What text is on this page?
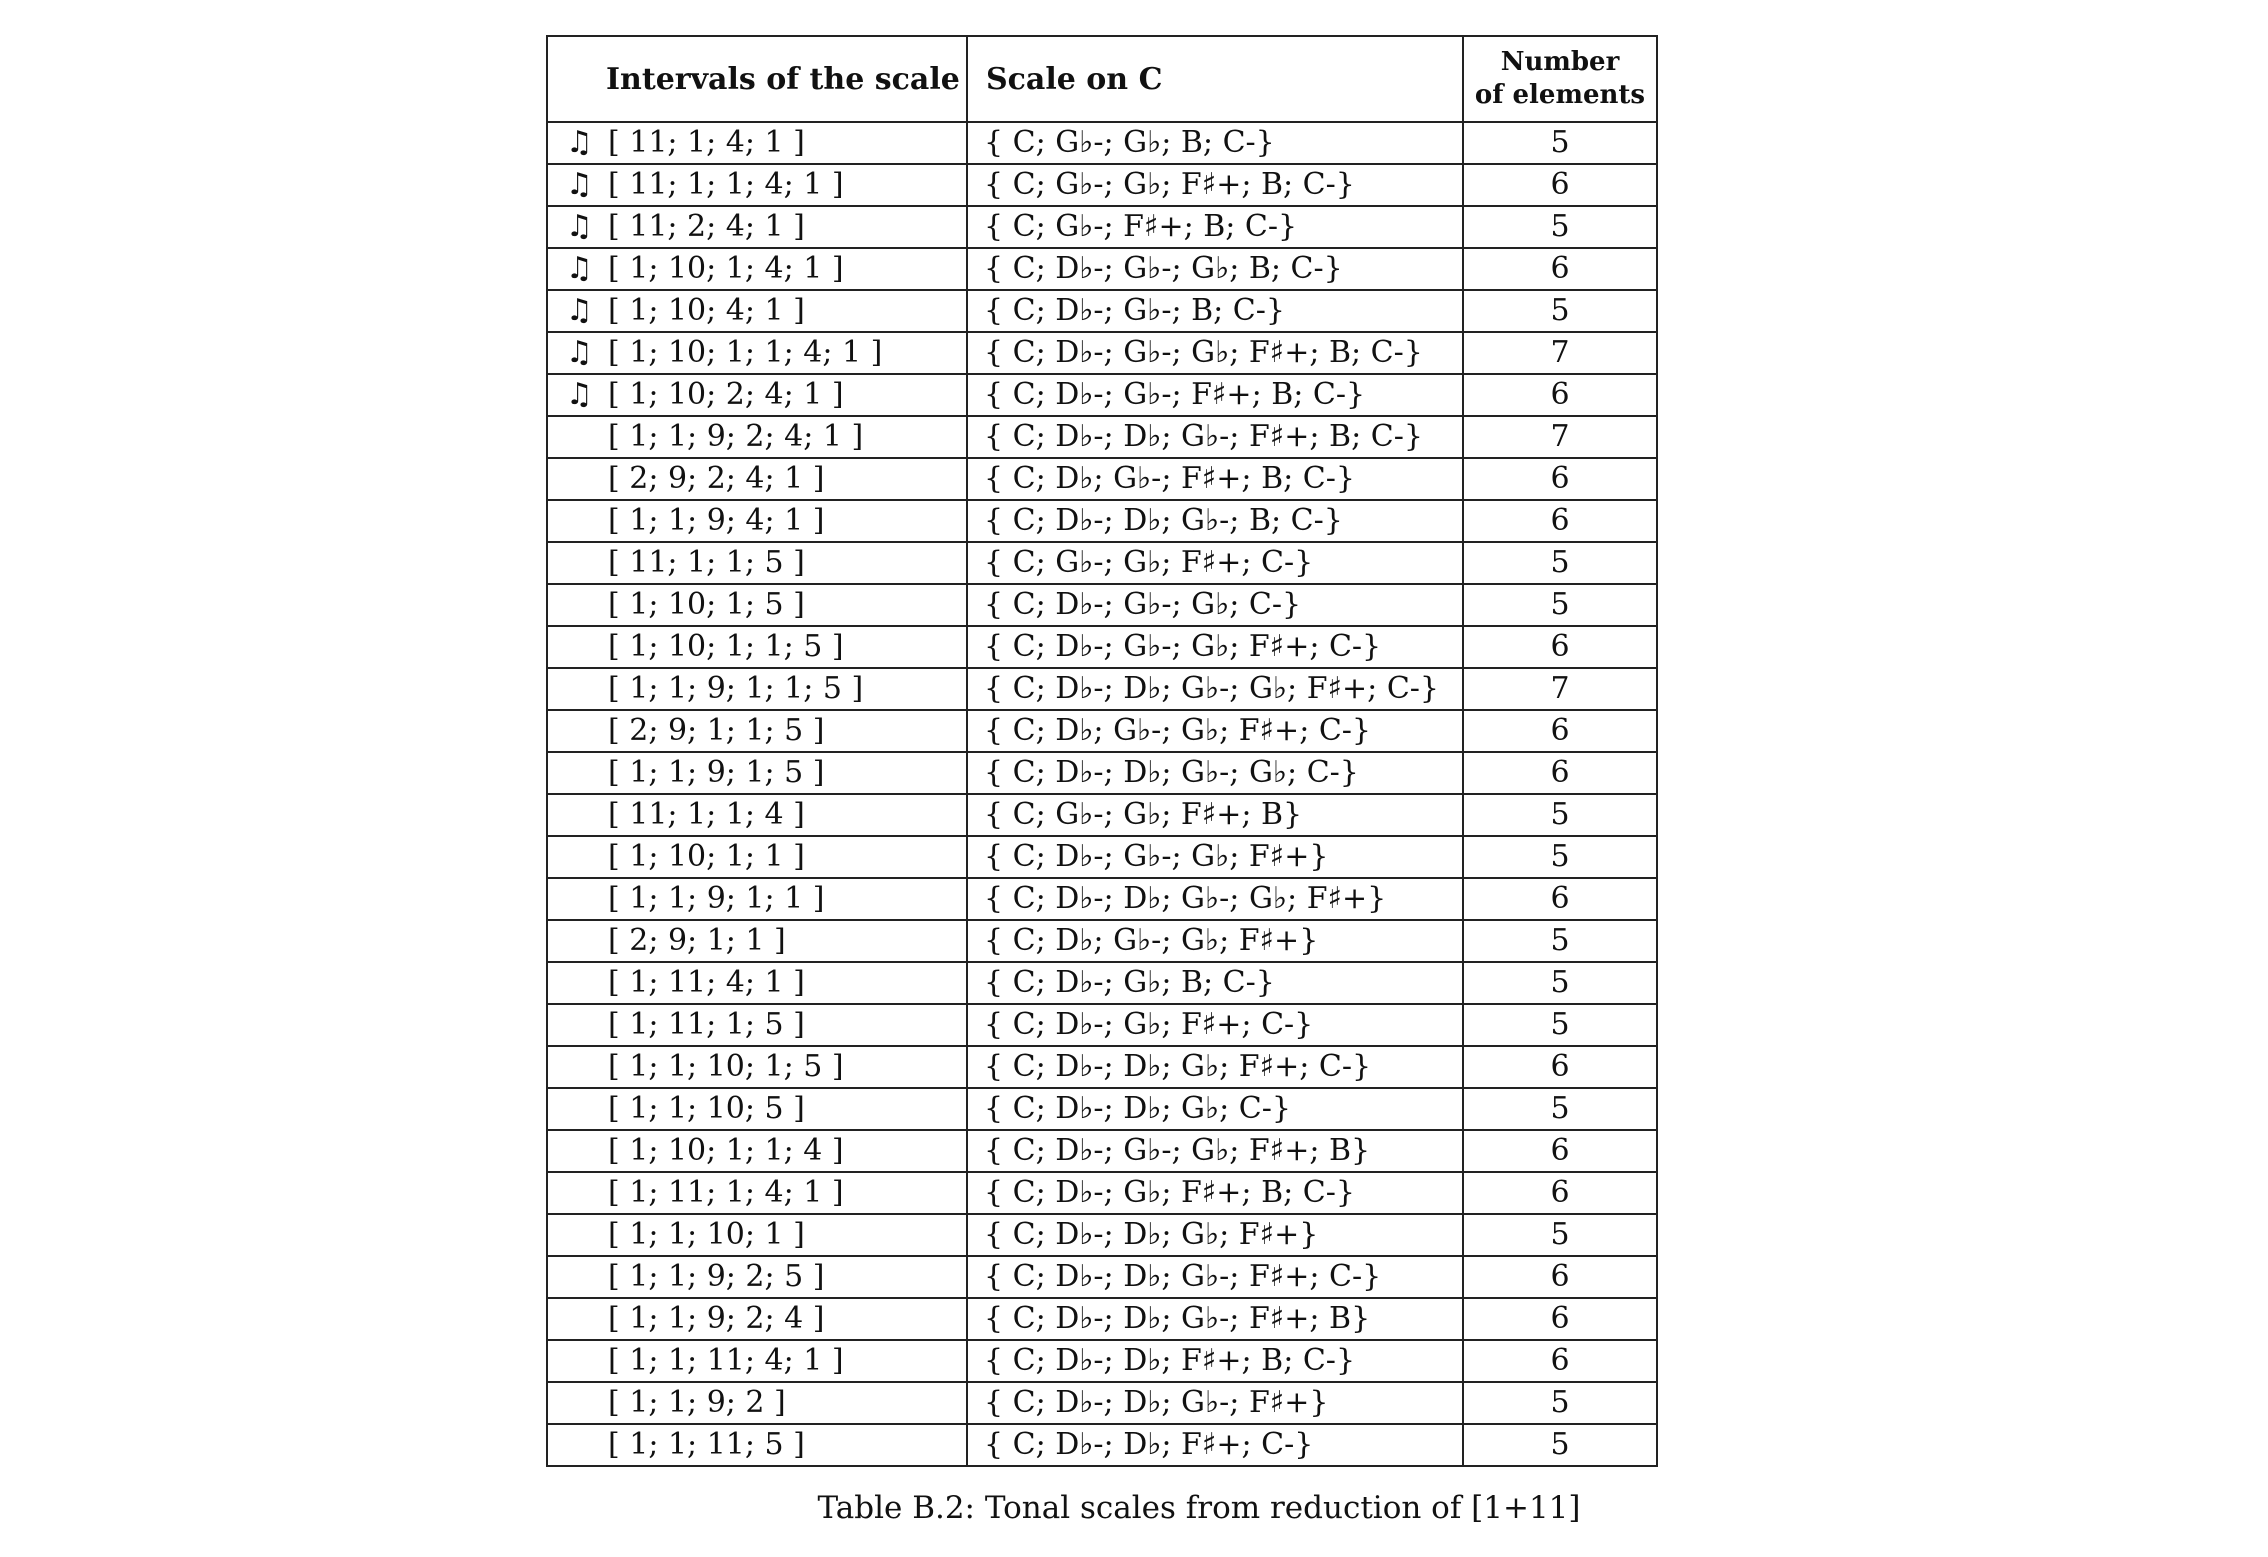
Intervals of the scale	Scale on C	Number
of elements
♫ [ 11; 1; 4; 1 ]	{ C; G♭-; G♭; B; C-}	5
♫ [ 11; 1; 1; 4; 1 ]	{ C; G♭-; G♭; F♯+; B; C-}	6
♫ [ 11; 2; 4; 1 ]	{ C; G♭-; F♯+; B; C-}	5
♫ [ 1; 10; 1; 4; 1 ]	{ C; D♭-; G♭-; G♭; B; C-}	6
♫ [ 1; 10; 4; 1 ]	{ C; D♭-; G♭-; B; C-}	5
♫ [ 1; 10; 1; 1; 4; 1 ]	{ C; D♭-; G♭-; G♭; F♯+; B; C-}	7
♫ [ 1; 10; 2; 4; 1 ]	{ C; D♭-; G♭-; F♯+; B; C-}	6
[ 1; 1; 9; 2; 4; 1 ]	{ C; D♭-; D♭; G♭-; F♯+; B; C-}	7
[ 2; 9; 2; 4; 1 ]	{ C; D♭; G♭-; F♯+; B; C-}	6
[ 1; 1; 9; 4; 1 ]	{ C; D♭-; D♭; G♭-; B; C-}	6
[ 11; 1; 1; 5 ]	{ C; G♭-; G♭; F♯+; C-}	5
[ 1; 10; 1; 5 ]	{ C; D♭-; G♭-; G♭; C-}	5
[ 1; 10; 1; 1; 5 ]	{ C; D♭-; G♭-; G♭; F♯+; C-}	6
[ 1; 1; 9; 1; 1; 5 ]	{ C; D♭-; D♭; G♭-; G♭; F♯+; C-}	7
[ 2; 9; 1; 1; 5 ]	{ C; D♭; G♭-; G♭; F♯+; C-}	6
[ 1; 1; 9; 1; 5 ]	{ C; D♭-; D♭; G♭-; G♭; C-}	6
[ 11; 1; 1; 4 ]	{ C; G♭-; G♭; F♯+; B}	5
[ 1; 10; 1; 1 ]	{ C; D♭-; G♭-; G♭; F♯+}	5
[ 1; 1; 9; 1; 1 ]	{ C; D♭-; D♭; G♭-; G♭; F♯+}	6
[ 2; 9; 1; 1 ]	{ C; D♭; G♭-; G♭; F♯+}	5
[ 1; 11; 4; 1 ]	{ C; D♭-; G♭; B; C-}	5
[ 1; 11; 1; 5 ]	{ C; D♭-; G♭; F♯+; C-}	5
[ 1; 1; 10; 1; 5 ]	{ C; D♭-; D♭; G♭; F♯+; C-}	6
[ 1; 1; 10; 5 ]	{ C; D♭-; D♭; G♭; C-}	5
[ 1; 10; 1; 1; 4 ]	{ C; D♭-; G♭-; G♭; F♯+; B}	6
[ 1; 11; 1; 4; 1 ]	{ C; D♭-; G♭; F♯+; B; C-}	6
[ 1; 1; 10; 1 ]	{ C; D♭-; D♭; G♭; F♯+}	5
[ 1; 1; 9; 2; 5 ]	{ C; D♭-; D♭; G♭-; F♯+; C-}	6
[ 1; 1; 9; 2; 4 ]	{ C; D♭-; D♭; G♭-; F♯+; B}	6
[ 1; 1; 11; 4; 1 ]	{ C; D♭-; D♭; F♯+; B; C-}	6
[ 1; 1; 9; 2 ]	{ C; D♭-; D♭; G♭-; F♯+}	5
[ 1; 1; 11; 5 ]	{ C; D♭-; D♭; F♯+; C-}	5
Table B.2: Tonal scales from reduction of [1+11]
